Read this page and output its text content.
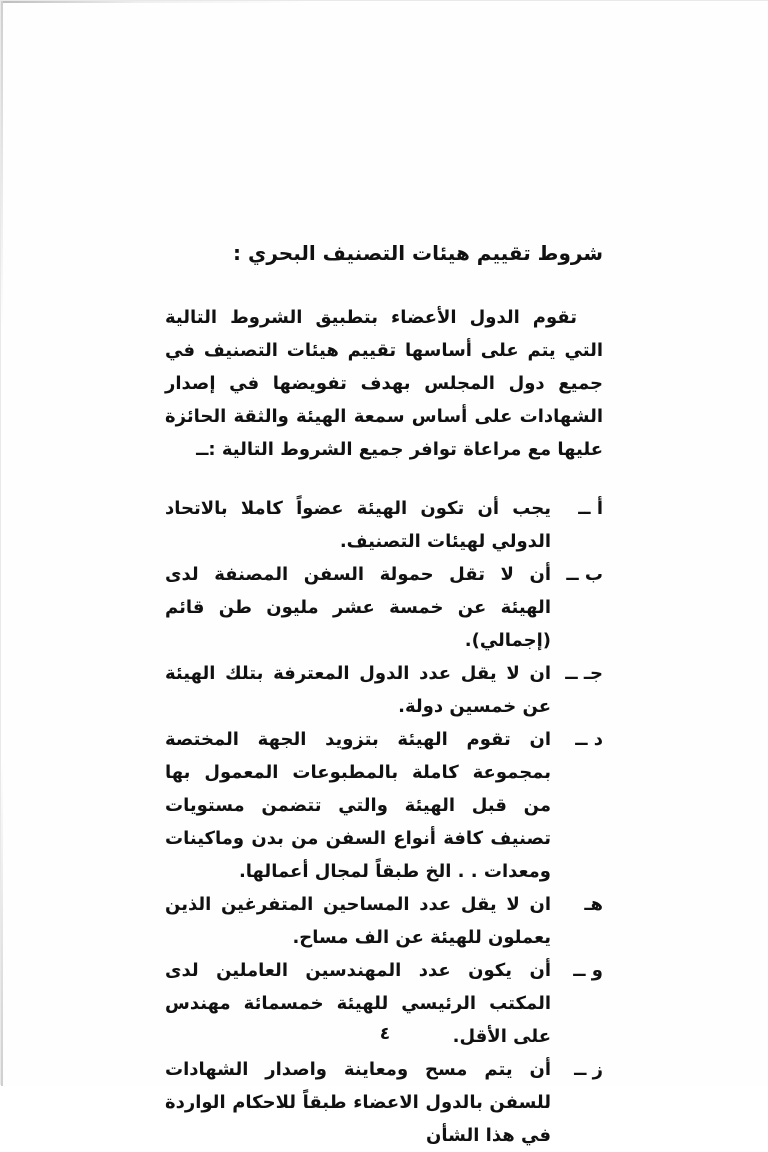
شروط تقييم هيئات التصنيف البحري :

تقوم الدول الأعضاء بتطبيق الشروط التالية التي يتم على أساسها تقييم هيئات التصنيف في جميع دول المجلس بهدف تفويضها في إصدار الشهادات على أساس سمعة الهيئة والثقة الحائزة عليها مع مراعاة توافر جميع الشروط التالية :ــ

أ ــ
يجب أن تكون الهيئة عضواً كاملا بالاتحاد الدولي لهيئات التصنيف.
ب ــ
أن لا تقل حمولة السفن المصنفة لدى الهيئة عن خمسة عشر مليون طن قائم (إجمالي).
جـ ــ
ان لا يقل عدد الدول المعترفة بتلك الهيئة عن خمسين دولة.
د ــ
ان تقوم الهيئة بتزويد الجهة المختصة بمجموعة كاملة بالمطبوعات المعمول بها من قبل الهيئة والتي تتضمن مستويات تصنيف كافة أنواع السفن من بدن وماكينات ومعدات . . الخ طبقاً لمجال أعمالها.
هـ
ان لا يقل عدد المساحين المتفرغين الذين يعملون للهيئة عن الف مساح.
و ــ
أن يكون عدد المهندسين العاملين لدى المكتب الرئيسي للهيئة خمسمائة مهندس على الأقل.
ز ــ
أن يتم مسح ومعاينة واصدار الشهادات للسفن بالدول الاعضاء طبقاً للاحكام الواردة في هذا الشأن
٤
